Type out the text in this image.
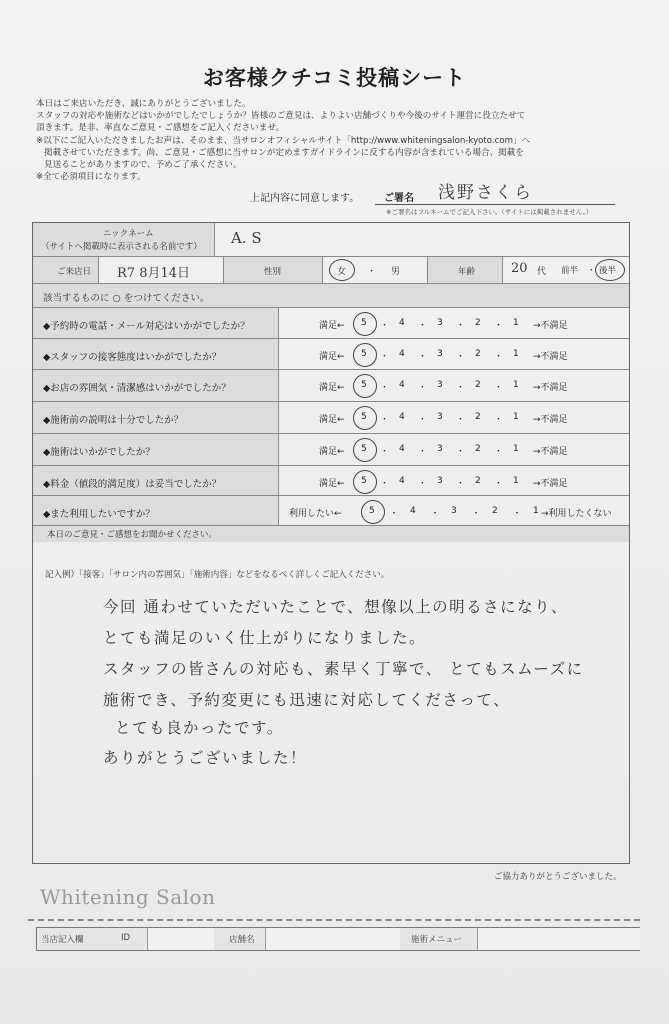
お客様クチコミ投稿シート
本日はご来店いただき、誠にありがとうございました。
スタッフの対応や施術などはいかがでしたでしょうか？皆様のご意見は、よりよい店舗づくりや今後のサイト運営に役立たせて
頂きます。是非、率直なご意見・ご感想をご記入くださいませ。
※以下にご記入いただきましたお声は、そのまま、当サロンオフィシャルサイト「http://www.whiteningsalon-kyoto.com」へ
掲載させていただきます。尚、ご意見・ご感想に当サロンが定めますガイドラインに反する内容が含まれている場合、掲載を
見送ることがありますので、予めご了承ください。
※全て必須項目になります。
上記内容に同意します。 ご署名 浅野さくら
※ご署名はフルネームでご記入下さい。（サイトには掲載されません。）
ニックネーム
（サイトへ掲載時に表示される名前です） A. S
ご来店日	R7 8月14日	性別	女 ・ 男	年齢	20 代 前半 ・ 後半
該当するものに ○ をつけてください。
◆予約時の電話・メール対応はいかがでしたか？	満足← 5 ・ 4 ・ 3 ・ 2 ・ 1 →不満足
◆スタッフの接客態度はいかがでしたか？	満足← 5 ・ 4 ・ 3 ・ 2 ・ 1 →不満足
◆お店の雰囲気・清潔感はいかがでしたか？	満足← 5 ・ 4 ・ 3 ・ 2 ・ 1 →不満足
◆施術前の説明は十分でしたか？	満足← 5 ・ 4 ・ 3 ・ 2 ・ 1 →不満足
◆施術はいかがでしたか？	満足← 5 ・ 4 ・ 3 ・ 2 ・ 1 →不満足
◆料金（値段的満足度）は妥当でしたか？	満足← 5 ・ 4 ・ 3 ・ 2 ・ 1 →不満足
◆また利用したいですか？	利用したい←	5 ・ 4 ・ 3 ・ 2 ・ 1 →利用したくない
本日のご意見・ご感想をお聞かせください。
記入例）「接客」「サロン内の雰囲気」「施術内容」などをなるべく詳しくご記入ください。
今回 通わせていただいたことで、想像以上の明るさになり、
とても満足のいく仕上がりになりました。
スタッフの皆さんの対応も、素早く丁寧で、 とてもスムーズに
施術でき、予約変更にも迅速に対応してくださって、
とても良かったです。
ありがとうございました！
ご協力ありがとうございました。
Whitening Salon
当店記入欄	ID	店舗名	施術メニュー
